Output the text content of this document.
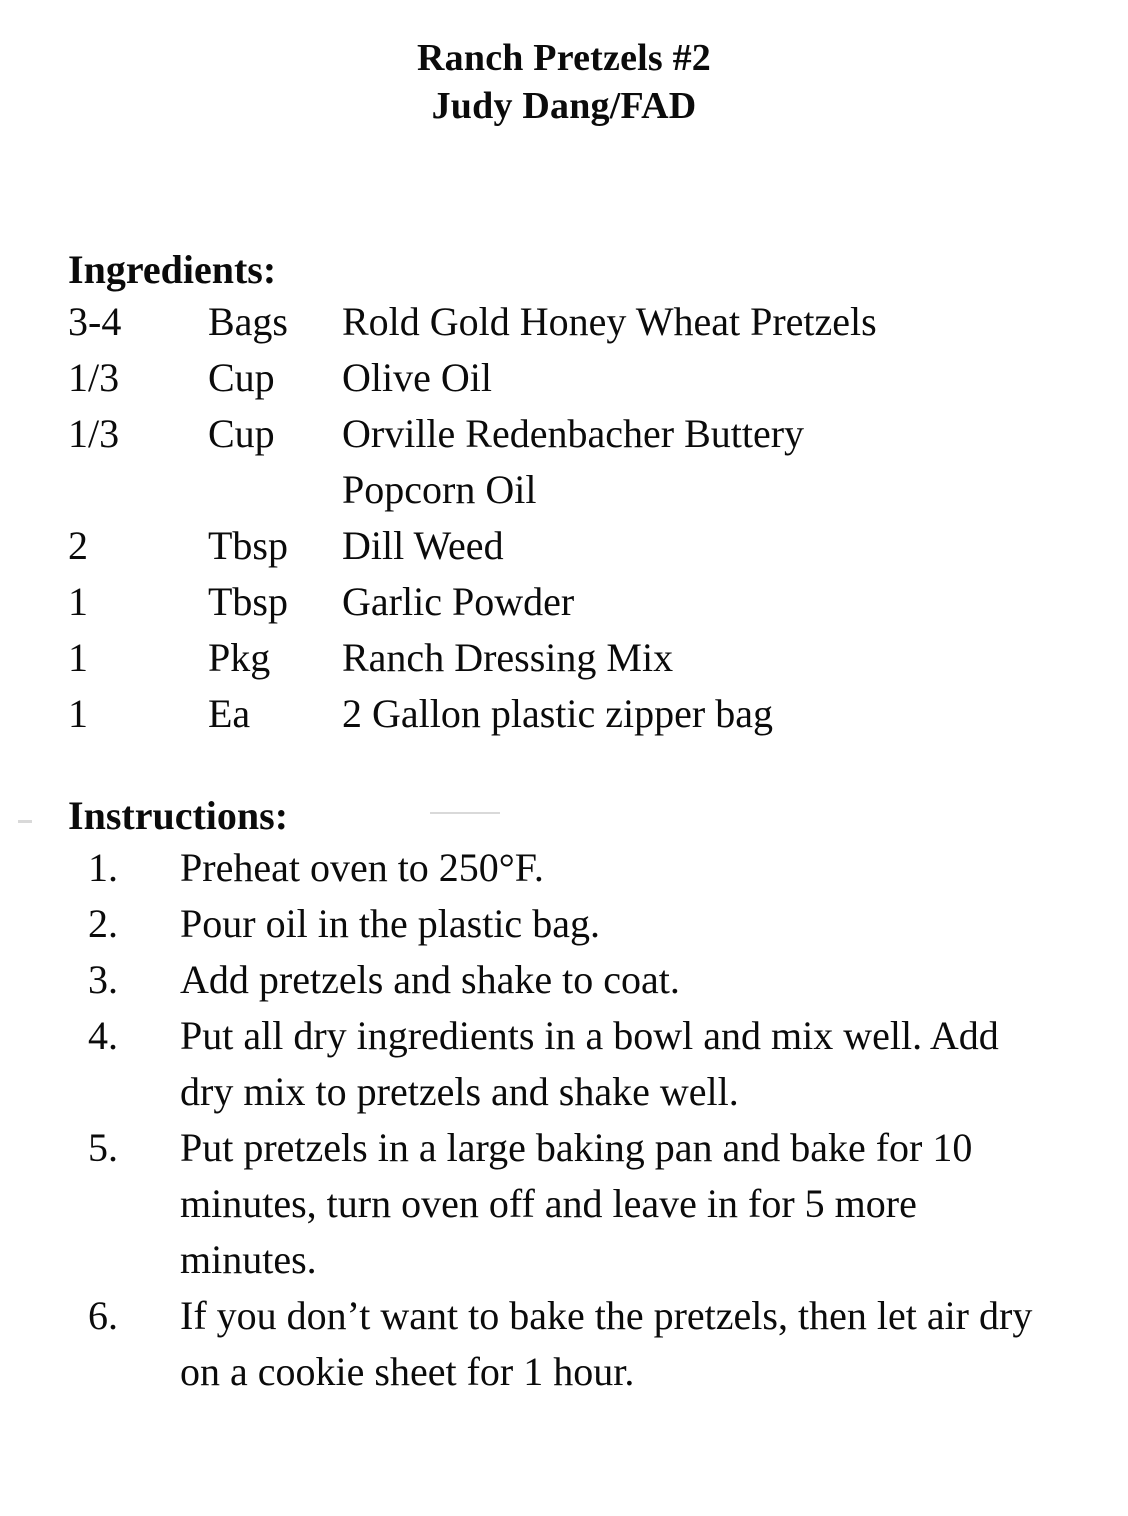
Ranch Pretzels #2
Judy Dang/FAD
Ingredients:
3-4	Bags	Rold Gold Honey Wheat Pretzels
1/3	Cup	Olive Oil
1/3	Cup	Orville Redenbacher Buttery
Popcorn Oil
2	Tbsp	Dill Weed
1	Tbsp	Garlic Powder
1	Pkg	Ranch Dressing Mix
1	Ea	2 Gallon plastic zipper bag
Instructions:
1.	Preheat oven to 250°F.
2.	Pour oil in the plastic bag.
3.	Add pretzels and shake to coat.
4.	Put all dry ingredients in a bowl and mix well. Add dry mix to pretzels and shake well.
5.	Put pretzels in a large baking pan and bake for 10 minutes, turn oven off and leave in for 5 more minutes.
6.	If you don’t want to bake the pretzels, then let air dry on a cookie sheet for 1 hour.
